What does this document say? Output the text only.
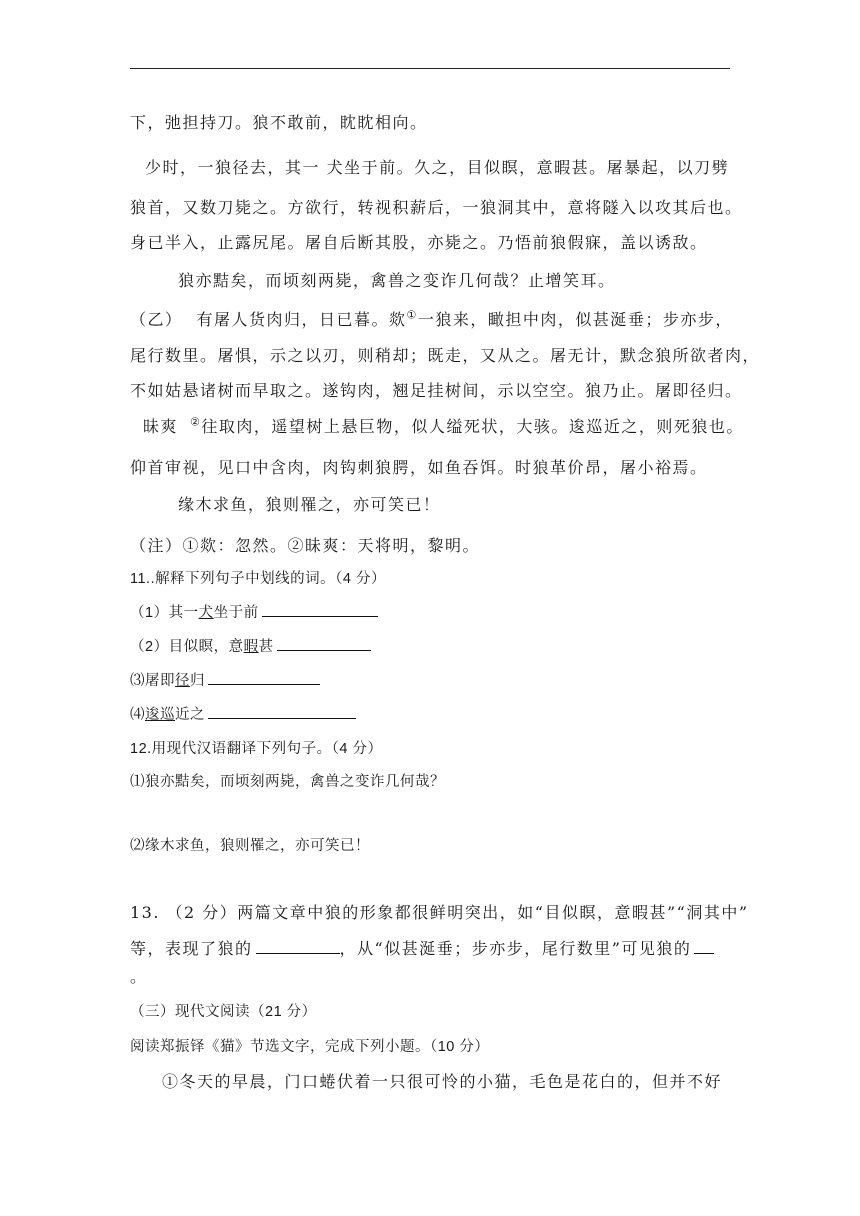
下，弛担持刀。狼不敢前，眈眈相向。
少时，一狼径去，其一 犬坐于前。久之，目似瞑，意暇甚。屠暴起，以刀劈
狼首，又数刀毙之。方欲行，转视积薪后，一狼洞其中，意将隧入以攻其后也。
身已半入，止露尻尾。屠自后断其股，亦毙之。乃悟前狼假寐，盖以诱敌。
狼亦黠矣，而顷刻两毙，禽兽之变诈几何哉？止增笑耳。
（乙） 有屠人货肉归，日已暮。欻①一狼来，瞰担中肉，似甚涎垂；步亦步，
尾行数里。屠惧，示之以刃，则稍却；既走，又从之。屠无计，默念狼所欲者肉，
不如姑悬诸树而早取之。遂钩肉，翘足挂树间，示以空空。狼乃止。屠即径归。
昧爽 ②往取肉，遥望树上悬巨物，似人缢死状，大骇。逡巡近之，则死狼也。
仰首审视，见口中含肉，肉钩刺狼腭，如鱼吞饵。时狼革价昂，屠小裕焉。
缘木求鱼，狼则罹之，亦可笑已！
（注）①欻：忽然。②昧爽：天将明，黎明。
11..解释下列句子中划线的词。（4 分）
（1）其一犬坐于前
（2）目似瞑，意暇甚
⑶屠即径归
⑷逡巡近之
12.用现代汉语翻译下列句子。（4 分）
⑴狼亦黠矣，而顷刻两毙，禽兽之变诈几何哉？
⑵缘木求鱼，狼则罹之，亦可笑已！
13. （2 分）两篇文章中狼的形象都很鲜明突出，如“目似瞑，意暇甚”“洞其中”
等，表现了狼的	，从“似甚涎垂；步亦步，尾行数里”可见狼的
。
（三）现代文阅读（21 分）
阅读郑振铎《猫》节选文字，完成下列小题。（10 分）
①冬天的早晨，门口蜷伏着一只很可怜的小猫，毛色是花白的，但并不好
